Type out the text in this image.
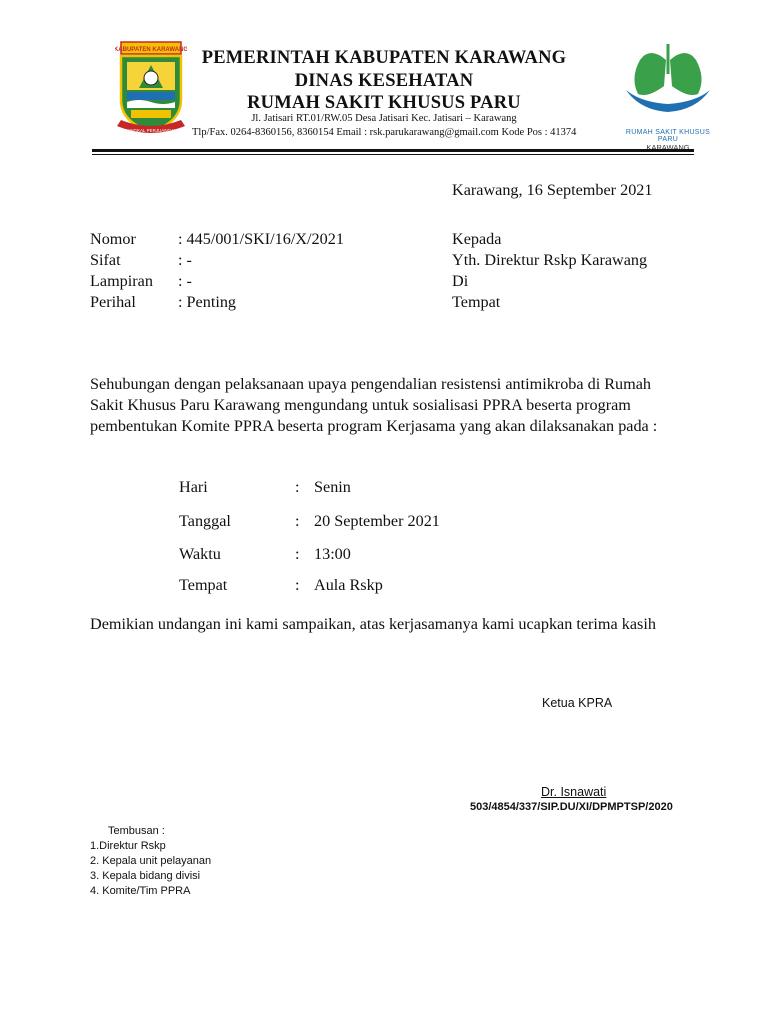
KABUPATEN KARAWANG
PANGKAL PERJUANGAN	RUMAH SAKIT KHUSUS PARU
KARAWANG
PEMERINTAH KABUPATEN KARAWANG
DINAS KESEHATAN
RUMAH SAKIT KHUSUS PARU
Jl. Jatisari RT.01/RW.05 Desa Jatisari Kec. Jatisari – Karawang
Tlp/Fax. 0264-8360156, 8360154 Email : rsk.parukarawang@gmail.com Kode Pos : 41374
Karawang, 16 September 2021
Nomor	: 445/001/SKI/16/X/2021
Sifat	: -
Lampiran : -
Perihal	: Penting
Kepada
Yth. Direktur Rskp Karawang
Di
Tempat
Sehubungan dengan pelaksanaan upaya pengendalian resistensi antimikroba di Rumah
Sakit Khusus Paru Karawang mengundang untuk sosialisasi PPRA beserta program
pembentukan Komite PPRA beserta program Kerjasama yang akan dilaksanakan pada :
Hari	: Senin
Tanggal	: 20 September 2021
Waktu	: 13:00
Tempat	: Aula Rskp
Demikian undangan ini kami sampaikan, atas kerjasamanya kami ucapkan terima kasih
Ketua KPRA
Dr. Isnawati
503/4854/337/SIP.DU/XI/DPMPTSP/2020
Tembusan :
1.Direktur Rskp
2. Kepala unit pelayanan
3. Kepala bidang divisi
4. Komite/Tim PPRA
